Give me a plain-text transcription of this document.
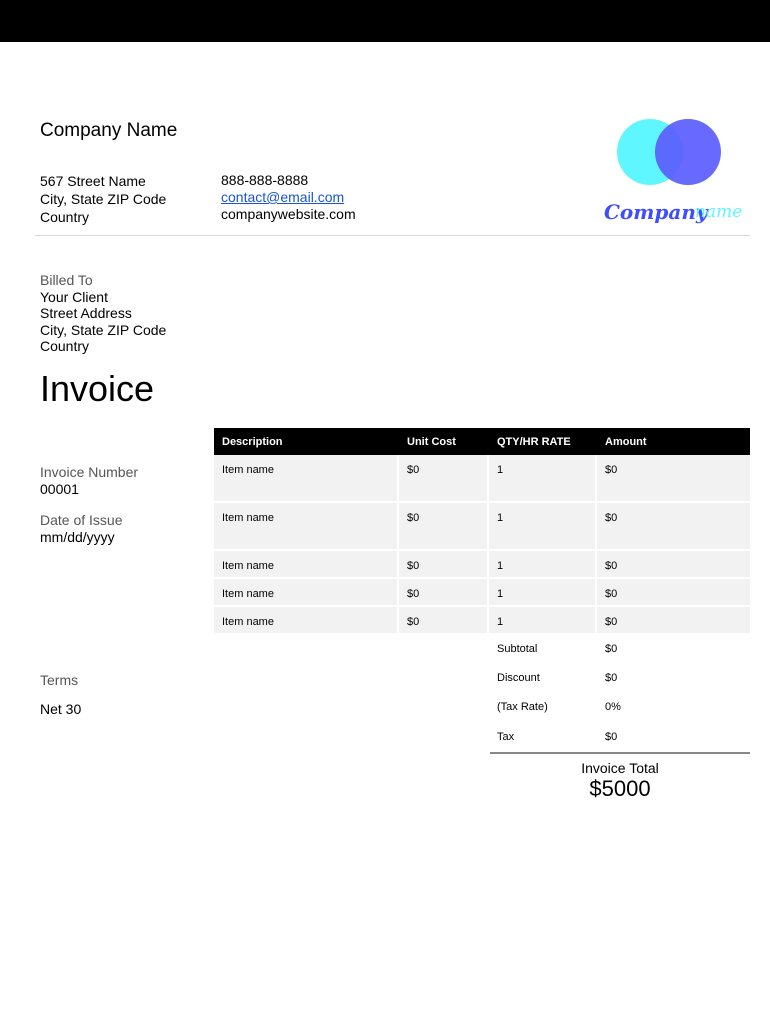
Company Name
567 Street Name
City, State ZIP Code
Country
888-888-8888
contact@email.com
companywebsite.com	Company
name
Billed To
Your Client
Street Address
City, State ZIP Code
Country
Invoice
Invoice Number
00001
Date of Issue
mm/dd/yyyy
Terms
Net 30
Description	Unit Cost	QTY/HR RATE	Amount
Item name	$0	1	$0
Item name	$0	1	$0
Item name	$0	1	$0
Item name	$0	1	$0
Item name	$0	1	$0
Subtotal	$0
Discount	$0
(Tax Rate)	0%
Tax	$0
Invoice Total
$5000
